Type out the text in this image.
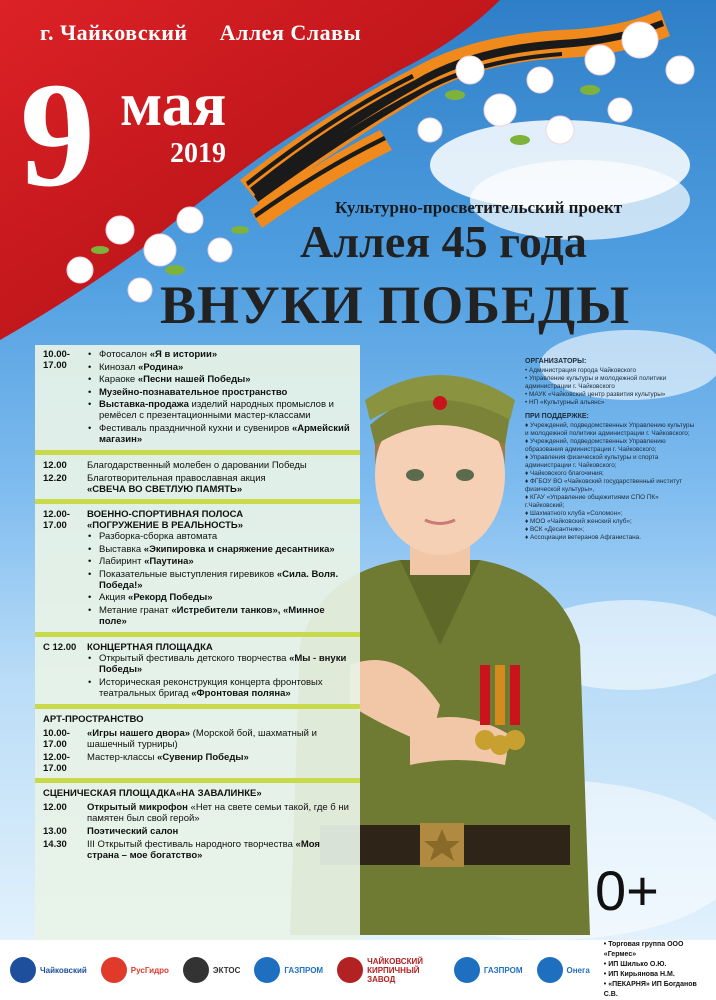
г. Чайковский Аллея Славы
9 мая
2019
Культурно-просветительский проект
Аллея 45 года
ВНУКИ ПОБЕДЫ
10.00-
17.00
• Фотосалон «Я в истории»
• Кинозал «Родина»
• Караоке «Песни нашей Победы»
• Музейно-познавательное пространство
• Выставка-продажа изделий народных промыслов и ремёсел с презентационными мастер-классами
• Фестиваль праздничной кухни и сувениров «Армейский магазин»
12.00	Благодарственный молебен о даровании Победы
12.20	Благотворительная православная акция
«СВЕЧА ВО СВЕТЛУЮ ПАМЯТЬ»
12.00-
17.00
ВОЕННО-СПОРТИВНАЯ ПОЛОСА
«ПОГРУЖЕНИЕ В РЕАЛЬНОСТЬ»
• Разборка-сборка автомата
• Выставка «Экипировка и снаряжение десантника»
• Лабиринт «Паутина»
• Показательные выступления гиревиков «Сила. Воля. Победа!»
• Акция «Рекорд Победы»
• Метание гранат «Истребители танков», «Минное поле»
С 12.00	КОНЦЕРТНАЯ ПЛОЩАДКА
• Открытый фестиваль детского творчества «Мы - внуки Победы»
• Историческая реконструкция концерта фронтовых театральных бригад «Фронтовая поляна»
АРТ-ПРОСТРАНСТВО
10.00-
17.00
«Игры нашего двора» (Морской бой, шахматный и шашечный турниры)
12.00-
17.00
Мастер-классы «Сувенир Победы»
СЦЕНИЧЕСКАЯ ПЛОЩАДКА«НА ЗАВАЛИНКЕ»
12.00	Открытый микрофон «Нет на свете семьи такой, где б ни памятен был свой герой»
13.00	Поэтический салон
14.30	III Открытый фестиваль народного творчества «Моя страна – мое богатство»
ОРГАНИЗАТОРЫ:

• Администрация города Чайковского

• Управление культуры и молодежной политики администрации г. Чайковского

• МАУК «Чайковский центр развития культуры»

• НП «Культурный альянс»

ПРИ ПОДДЕРЖКЕ:

♦ Учреждений, подведомственных Управлению культуры и молодежной политики администрации г. Чайковского;

♦ Учреждений, подведомственных Управлению образования администрации г. Чайковского;

♦ Управления физической культуры и спорта администрации г. Чайковского;

♦ Чайковского благочиния;

♦ ФГБОУ ВО «Чайковский государственный институт физической культуры»,

♦ КГАУ «Управление общежитиями СПО ПК» г.Чайковский;

♦ Шахматного клуба «Соломон»;

♦ МОО «Чайковский женский клуб»;

♦ ВСК «Десантник»;

♦ Ассоциации ветеранов Афганистана.

0+
Чайковский	РусГидро	ЭКТОС	ГАЗПРОМ
ЧАЙКОВСКИЙ КИРПИЧНЫЙ ЗАВОД
ГАЗПРОМ	Онега
• Торговая группа ООО «Гермес»
• ИП Шилько О.Ю.
• ИП Кирьянова Н.М.
• «ПЕКАРНЯ» ИП Богданов С.В.
